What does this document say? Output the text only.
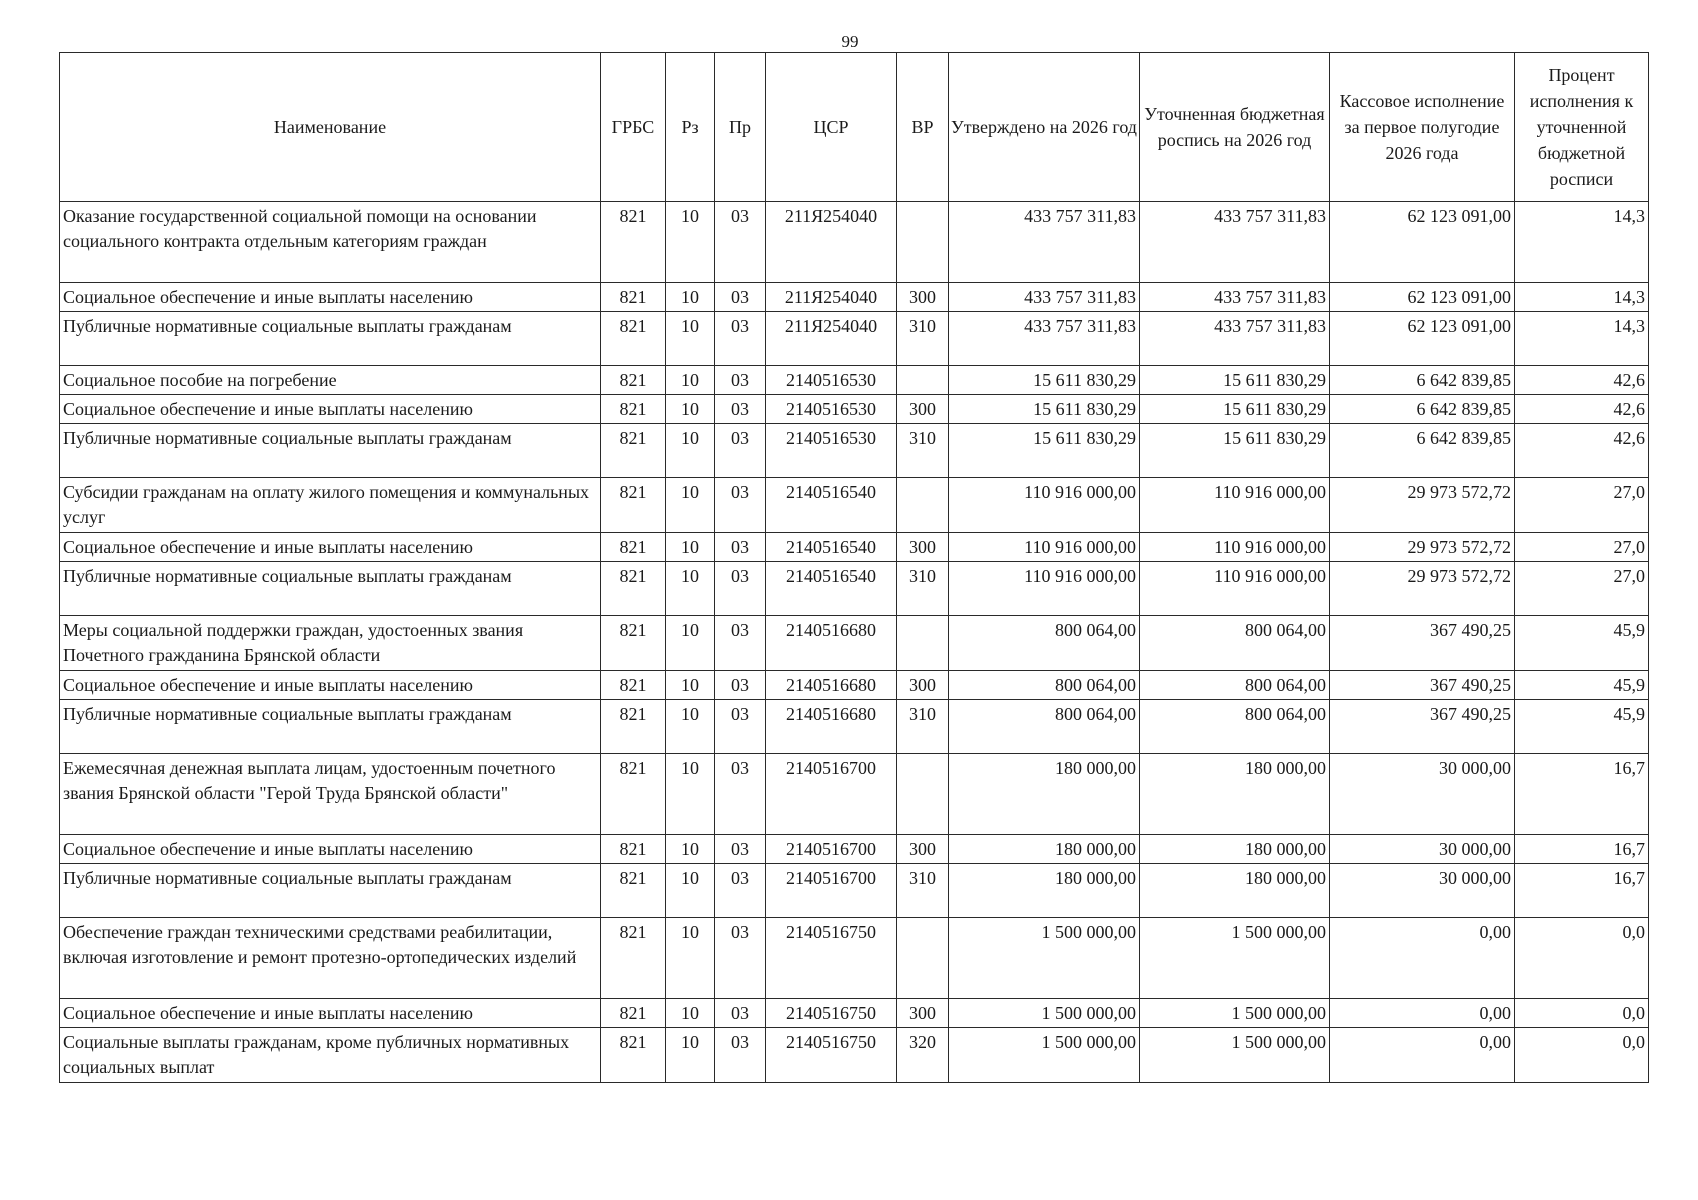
99
Наименование	ГРБС	Рз	Пр	ЦСР	ВР	Утверждено на 2026 год	Уточненная бюджетная роспись на 2026 год	Кассовое исполнение за первое полугодие 2026 года	Процент исполнения к уточненной бюджетной росписи
Оказание государственной социальной помощи на основании социального контракта отдельным категориям граждан	821	10	03	211Я254040		433 757 311,83	433 757 311,83	62 123 091,00	14,3
Социальное обеспечение и иные выплаты населению	821	10	03	211Я254040	300	433 757 311,83	433 757 311,83	62 123 091,00	14,3
Публичные нормативные социальные выплаты гражданам	821	10	03	211Я254040	310	433 757 311,83	433 757 311,83	62 123 091,00	14,3
Социальное пособие на погребение	821	10	03	2140516530		15 611 830,29	15 611 830,29	6 642 839,85	42,6
Социальное обеспечение и иные выплаты населению	821	10	03	2140516530	300	15 611 830,29	15 611 830,29	6 642 839,85	42,6
Публичные нормативные социальные выплаты гражданам	821	10	03	2140516530	310	15 611 830,29	15 611 830,29	6 642 839,85	42,6
Субсидии гражданам на оплату жилого помещения и коммунальных услуг	821	10	03	2140516540		110 916 000,00	110 916 000,00	29 973 572,72	27,0
Социальное обеспечение и иные выплаты населению	821	10	03	2140516540	300	110 916 000,00	110 916 000,00	29 973 572,72	27,0
Публичные нормативные социальные выплаты гражданам	821	10	03	2140516540	310	110 916 000,00	110 916 000,00	29 973 572,72	27,0
Меры социальной поддержки граждан, удостоенных звания Почетного гражданина Брянской области	821	10	03	2140516680		800 064,00	800 064,00	367 490,25	45,9
Социальное обеспечение и иные выплаты населению	821	10	03	2140516680	300	800 064,00	800 064,00	367 490,25	45,9
Публичные нормативные социальные выплаты гражданам	821	10	03	2140516680	310	800 064,00	800 064,00	367 490,25	45,9
Ежемесячная денежная выплата лицам, удостоенным почетного звания Брянской области "Герой Труда Брянской области"	821	10	03	2140516700		180 000,00	180 000,00	30 000,00	16,7
Социальное обеспечение и иные выплаты населению	821	10	03	2140516700	300	180 000,00	180 000,00	30 000,00	16,7
Публичные нормативные социальные выплаты гражданам	821	10	03	2140516700	310	180 000,00	180 000,00	30 000,00	16,7
Обеспечение граждан техническими средствами реабилитации, включая изготовление и ремонт протезно-ортопедических изделий	821	10	03	2140516750		1 500 000,00	1 500 000,00	0,00	0,0
Социальное обеспечение и иные выплаты населению	821	10	03	2140516750	300	1 500 000,00	1 500 000,00	0,00	0,0
Социальные выплаты гражданам, кроме публичных нормативных социальных выплат	821	10	03	2140516750	320	1 500 000,00	1 500 000,00	0,00	0,0
